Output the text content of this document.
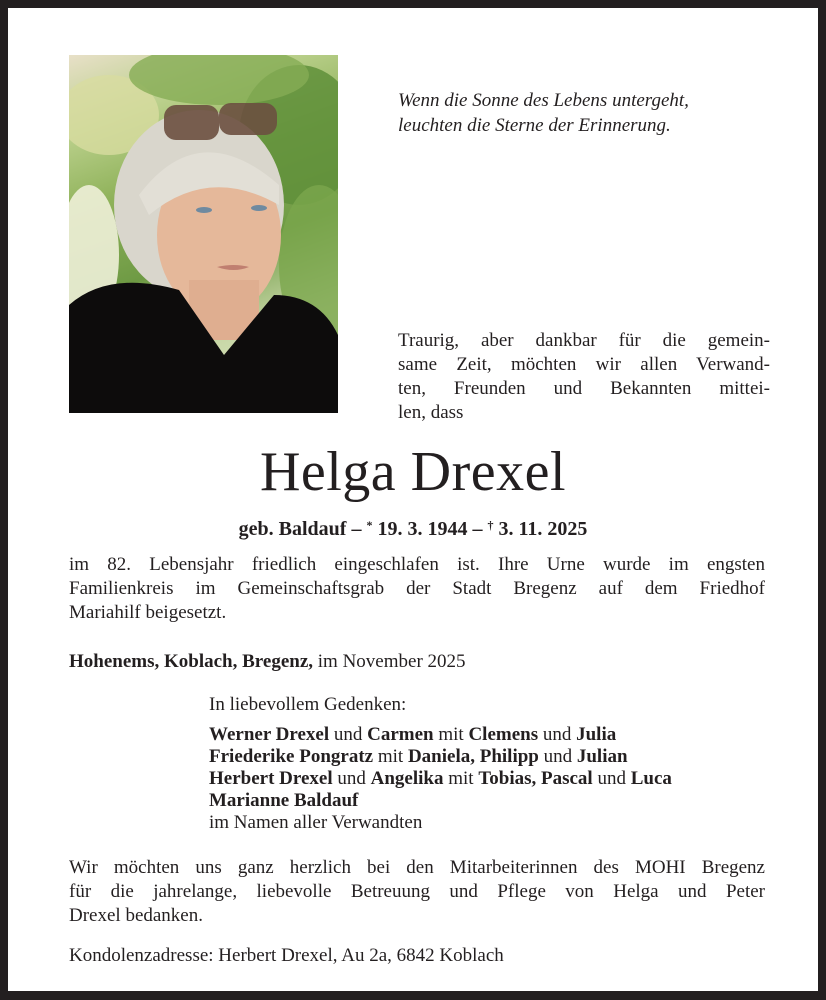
Wenn die Sonne des Lebens untergeht,
leuchten die Sterne der Erinnerung.
Traurig, aber dankbar für die gemein-
same Zeit, möchten wir allen Verwand-
ten, Freunden und Bekannten mittei-
len, dass
Helga Drexel
geb. Baldauf – * 19. 3. 1944 – † 3. 11. 2025
im 82. Lebensjahr friedlich eingeschlafen ist. Ihre Urne wurde im engsten
Familienkreis im Gemeinschaftsgrab der Stadt Bregenz auf dem Friedhof
Mariahilf beigesetzt.
Hohenems, Koblach, Bregenz, im November 2025
In liebevollem Gedenken:
Werner Drexel und Carmen mit Clemens und Julia
Friederike Pongratz mit Daniela, Philipp und Julian
Herbert Drexel und Angelika mit Tobias, Pascal und Luca
Marianne Baldauf
im Namen aller Verwandten
Wir möchten uns ganz herzlich bei den Mitarbeiterinnen des MOHI Bregenz
für die jahrelange, liebevolle Betreuung und Pflege von Helga und Peter
Drexel bedanken.
Kondolenzadresse: Herbert Drexel, Au 2a, 6842 Koblach
